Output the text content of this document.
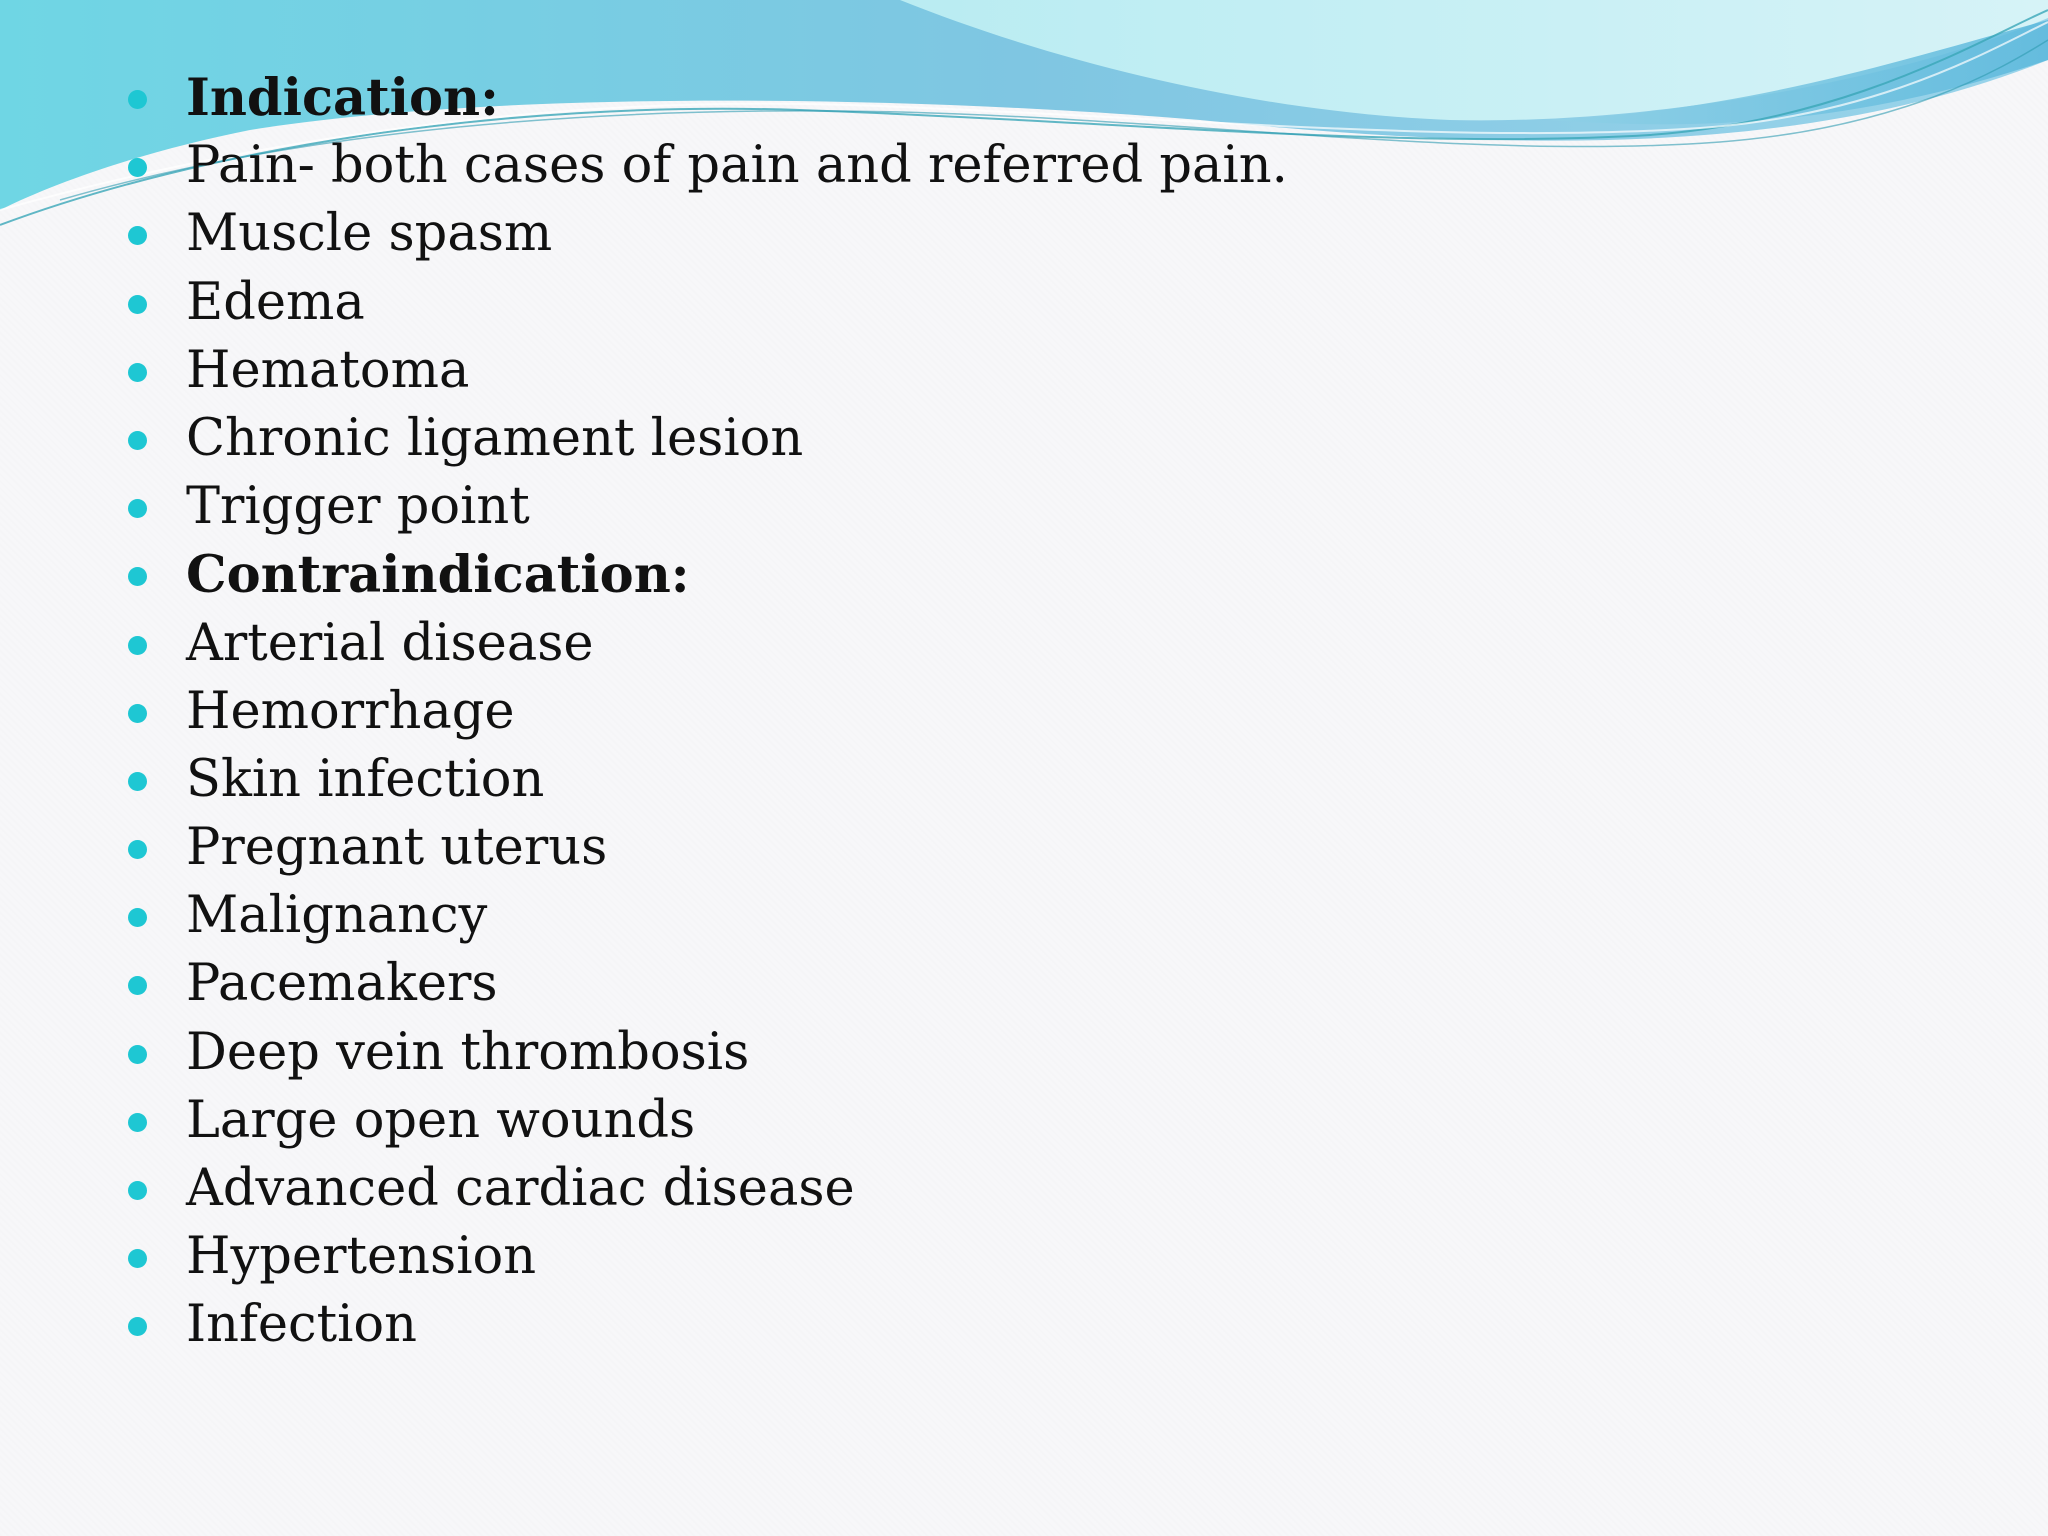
Indication:
Pain- both cases of pain and referred pain.
Muscle spasm
Edema
Hematoma
Chronic ligament lesion
Trigger point
Contraindication:
Arterial disease
Hemorrhage
Skin infection
Pregnant uterus
Malignancy
Pacemakers
Deep vein thrombosis
Large open wounds
Advanced cardiac disease
Hypertension
Infection
